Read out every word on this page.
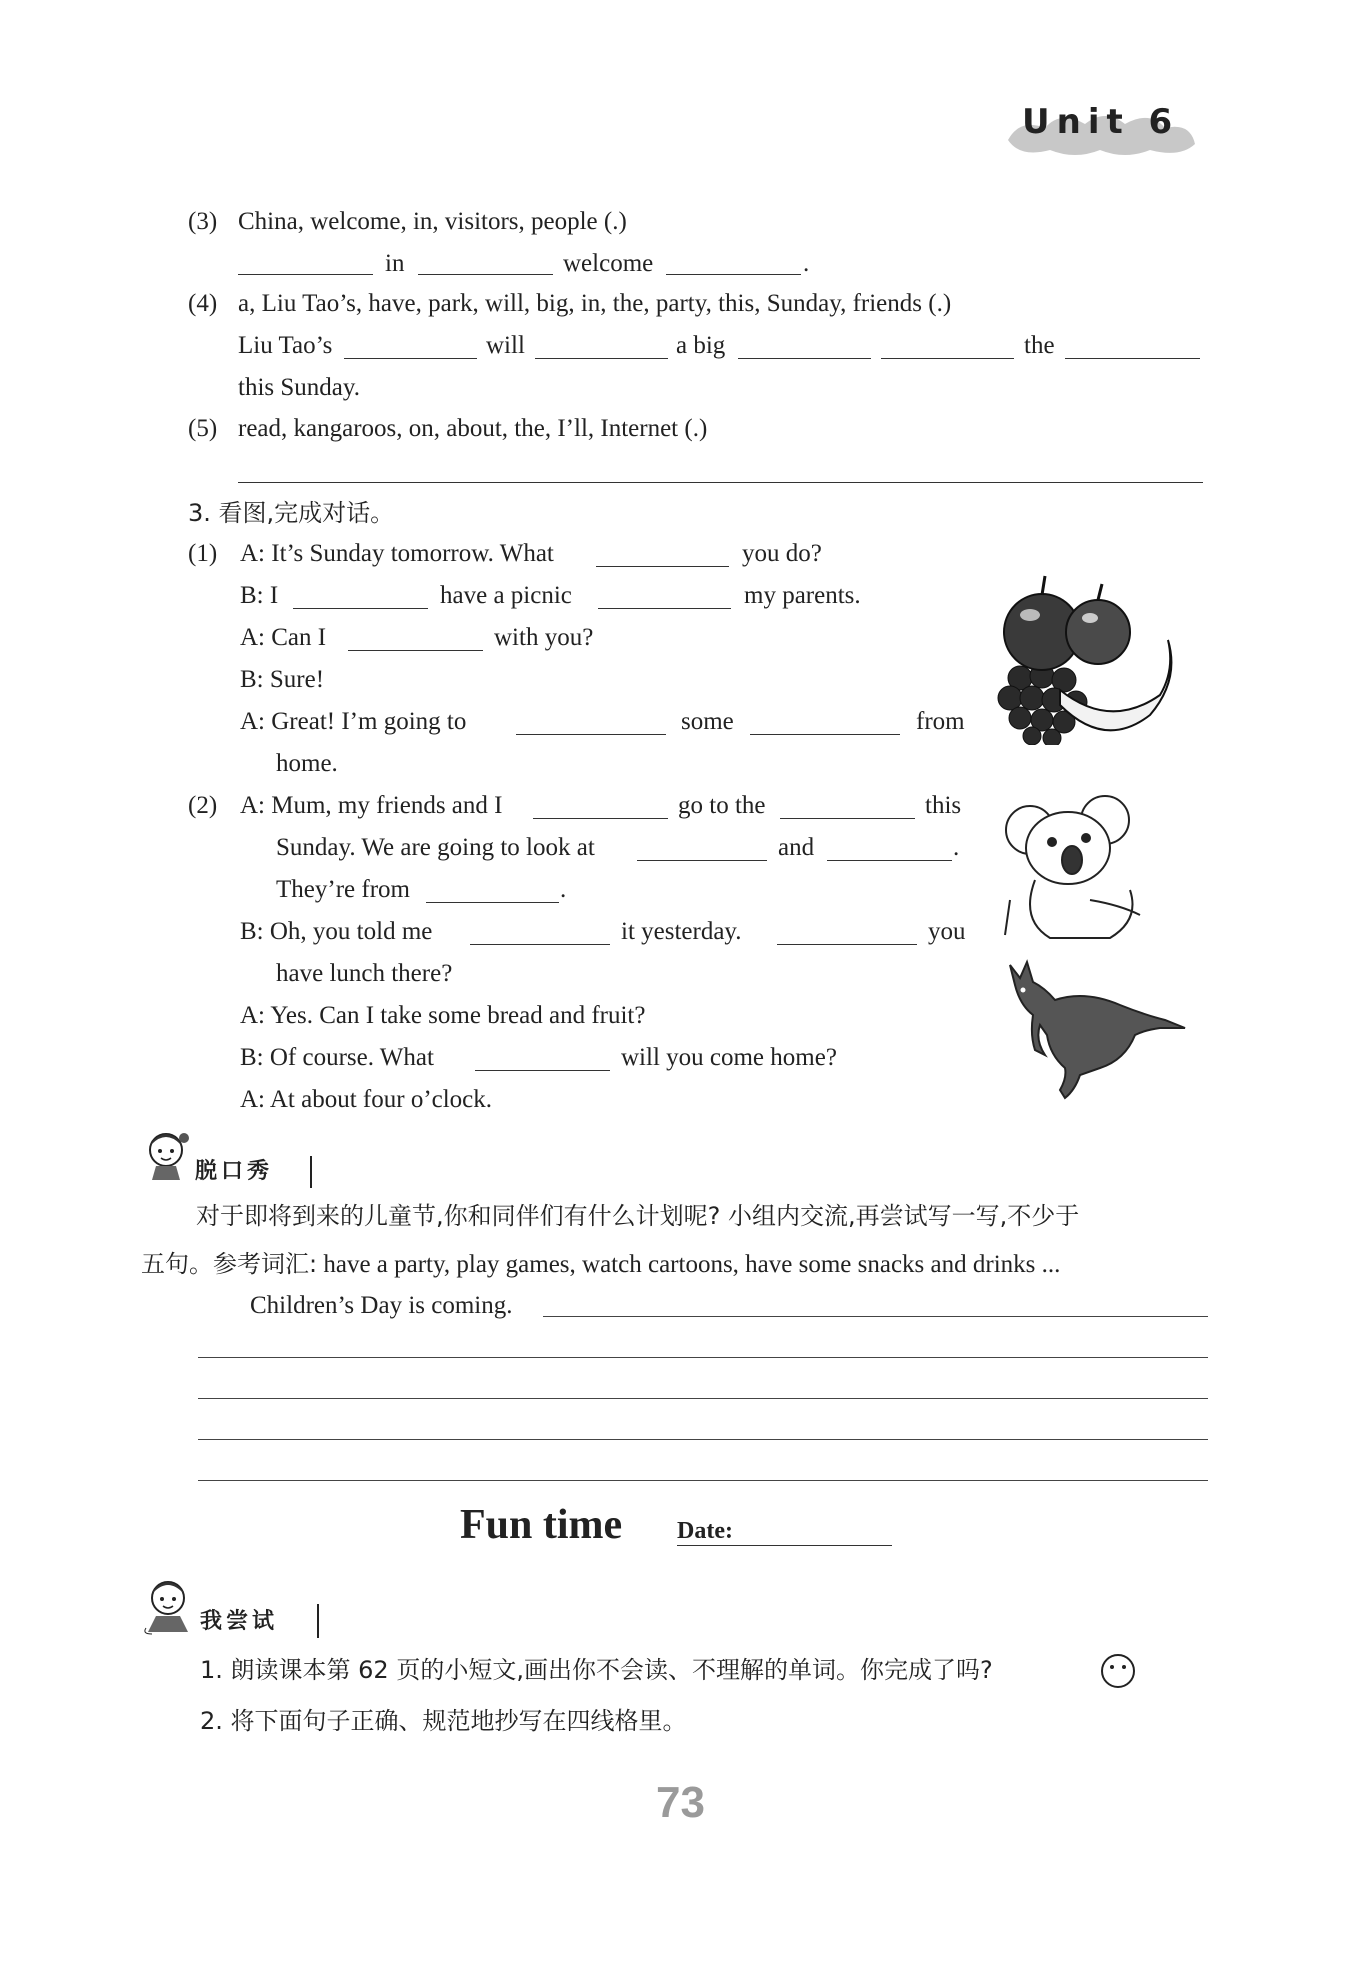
Unit 6
(3) China, welcome, in, visitors, people (.)
in	welcome	.
(4) a, Liu Tao’s, have, park, will, big, in, the, party, this, Sunday, friends (.)
Liu Tao’s	will	a big	the
this Sunday.
(5) read, kangaroos, on, about, the, I’ll, Internet (.)
3. 看图,完成对话。
(1) A: It’s Sunday tomorrow. What	you do?
B: I	have a picnic	my parents.
A: Can I	with you?
B: Sure!
A: Great! I’m going to	some	from
home.
(2) A: Mum, my friends and I	go to the	this
Sunday. We are going to look at	and	.
They’re from	.
B: Oh, you told me	it yesterday.	you
have lunch there?
A: Yes. Can I take some bread and fruit?
B: Of course. What	will you come home?
A: At about four o’clock.
脱口秀
对于即将到来的儿童节,你和同伴们有什么计划呢? 小组内交流,再尝试写一写,不少于
五句。参考词汇: have a party, play games, watch cartoons, have some snacks and drinks ...
Children’s Day is coming.
Fun time Date:
我尝试
1. 朗读课本第 62 页的小短文,画出你不会读、不理解的单词。你完成了吗?
2. 将下面句子正确、规范地抄写在四线格里。
73
